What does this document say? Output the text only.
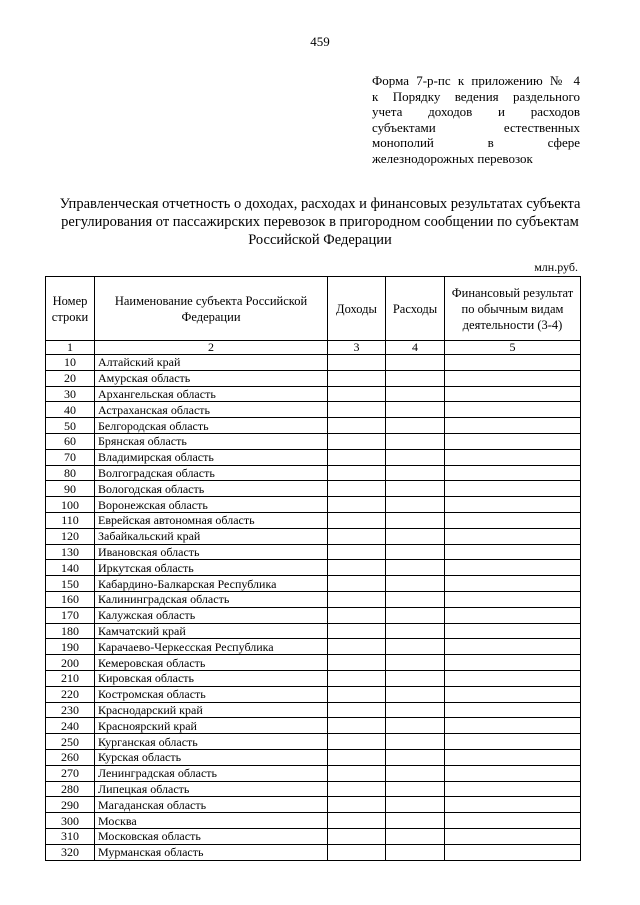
459
Форма 7-р-пс к приложению № 4
к Порядку ведения раздельного
учета доходов и расходов
субъектами естественных
монополий в сфере
железнодорожных перевозок
Управленческая отчетность о доходах, расходах и финансовых результатах субъекта
регулирования от пассажирских перевозок в пригородном сообщении по субъектам
Российской Федерации
млн.руб.
Номер строки	Наименование субъекта Российской Федерации	Доходы	Расходы	Финансовый результат по обычным видам деятельности (3-4)
1	2	3	4	5
10	Алтайский край			
20	Амурская область			
30	Архангельская область			
40	Астраханская область			
50	Белгородская область			
60	Брянская область			
70	Владимирская область			
80	Волгоградская область			
90	Вологодская область			
100	Воронежская область			
110	Еврейская автономная область			
120	Забайкальский край			
130	Ивановская область			
140	Иркутская область			
150	Кабардино-Балкарская Республика			
160	Калининградская область			
170	Калужская область			
180	Камчатский край			
190	Карачаево-Черкесская Республика			
200	Кемеровская область			
210	Кировская область			
220	Костромская область			
230	Краснодарский край			
240	Красноярский край			
250	Курганская область			
260	Курская область			
270	Ленинградская область			
280	Липецкая область			
290	Магаданская область			
300	Москва			
310	Московская область			
320	Мурманская область			
